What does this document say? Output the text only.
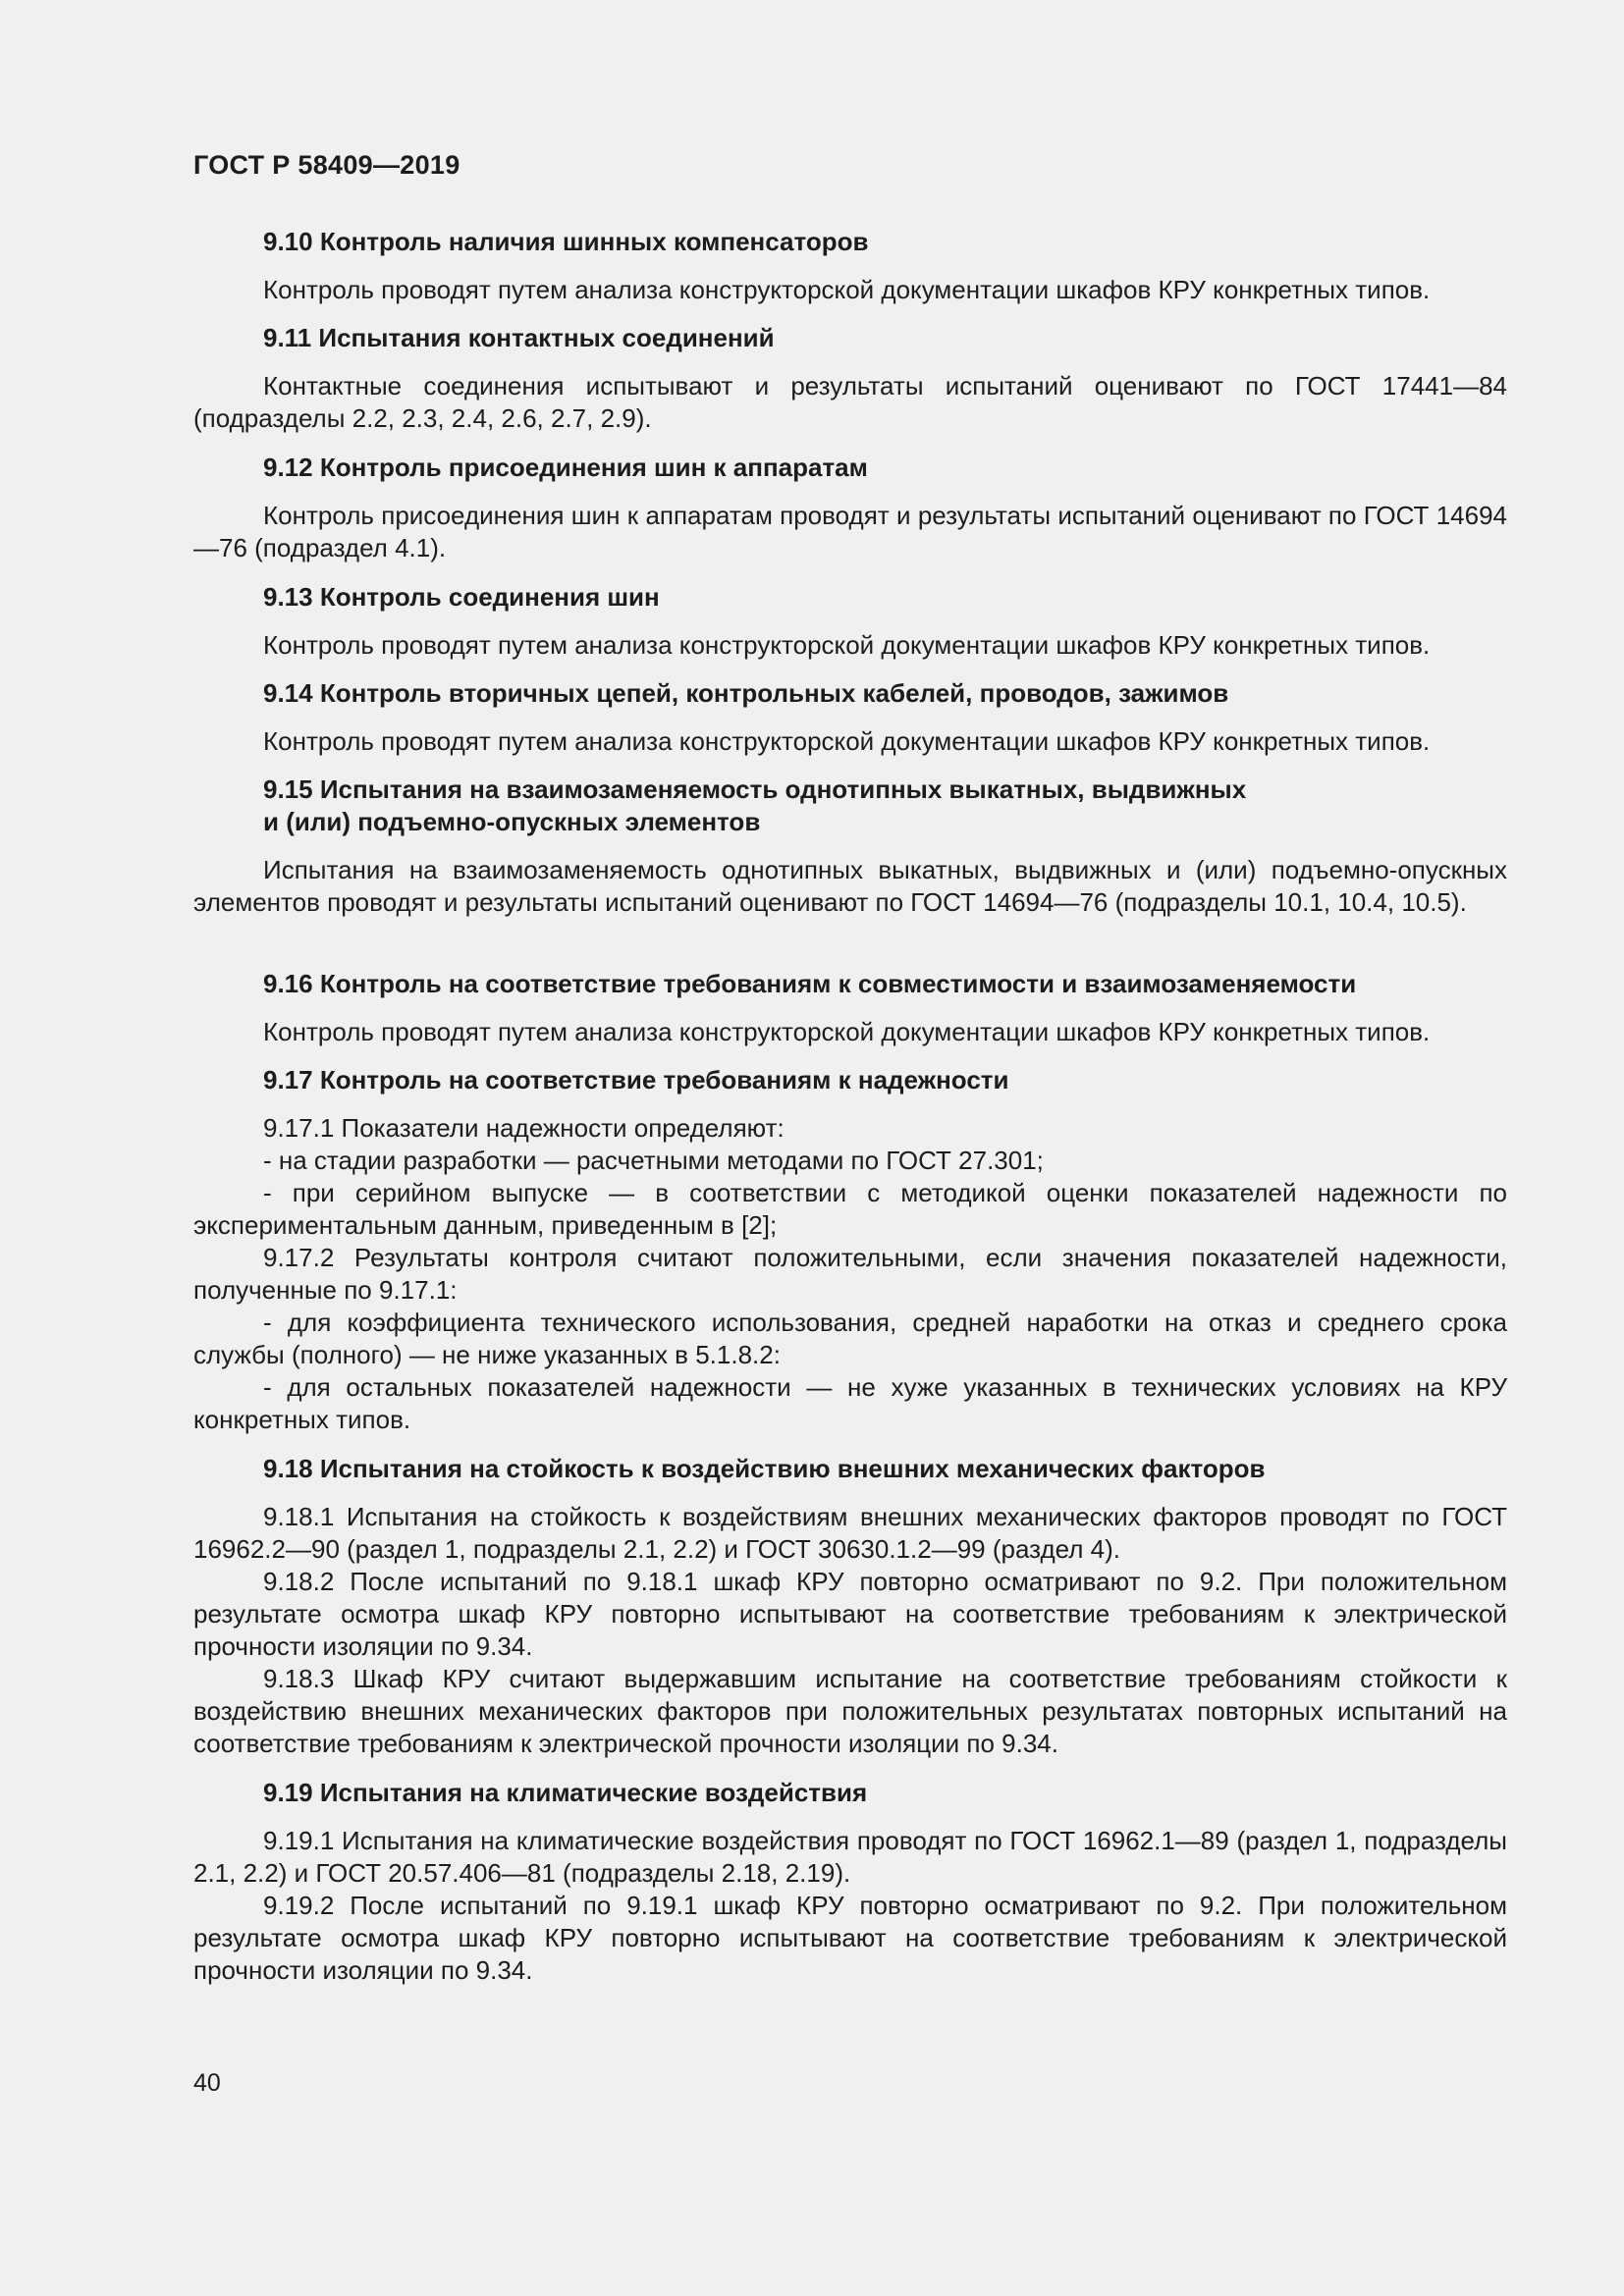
ГОСТ Р 58409—2019
9.10 Контроль наличия шинных компенсаторов
Контроль проводят путем анализа конструкторской документации шкафов КРУ конкретных типов.
9.11 Испытания контактных соединений
Контактные соединения испытывают и результаты испытаний оценивают по ГОСТ 17441—84 (подразделы 2.2, 2.3, 2.4, 2.6, 2.7, 2.9).
9.12 Контроль присоединения шин к аппаратам
Контроль присоединения шин к аппаратам проводят и результаты испытаний оценивают по ГОСТ 14694—76 (подраздел 4.1).
9.13 Контроль соединения шин
Контроль проводят путем анализа конструкторской документации шкафов КРУ конкретных типов.
9.14 Контроль вторичных цепей, контрольных кабелей, проводов, зажимов
Контроль проводят путем анализа конструкторской документации шкафов КРУ конкретных типов.
9.15 Испытания на взаимозаменяемость однотипных выкатных, выдвижных
и (или) подъемно-опускных элементов
Испытания на взаимозаменяемость однотипных выкатных, выдвижных и (или) подъемно-опускных элементов проводят и результаты испытаний оценивают по ГОСТ 14694—76 (подразделы 10.1, 10.4, 10.5).
9.16 Контроль на соответствие требованиям к совместимости и взаимозаменяемости
Контроль проводят путем анализа конструкторской документации шкафов КРУ конкретных типов.
9.17 Контроль на соответствие требованиям к надежности
9.17.1 Показатели надежности определяют:
- на стадии разработки — расчетными методами по ГОСТ 27.301;
- при серийном выпуске — в соответствии с методикой оценки показателей надежности по экспериментальным данным, приведенным в [2];
9.17.2 Результаты контроля считают положительными, если значения показателей надежности, полученные по 9.17.1:
- для коэффициента технического использования, средней наработки на отказ и среднего срока службы (полного) — не ниже указанных в 5.1.8.2:
- для остальных показателей надежности — не хуже указанных в технических условиях на КРУ конкретных типов.
9.18 Испытания на стойкость к воздействию внешних механических факторов
9.18.1 Испытания на стойкость к воздействиям внешних механических факторов проводят по ГОСТ 16962.2—90 (раздел 1, подразделы 2.1, 2.2) и ГОСТ 30630.1.2—99 (раздел 4).
9.18.2 После испытаний по 9.18.1 шкаф КРУ повторно осматривают по 9.2. При положительном результате осмотра шкаф КРУ повторно испытывают на соответствие требованиям к электрической прочности изоляции по 9.34.
9.18.3 Шкаф КРУ считают выдержавшим испытание на соответствие требованиям стойкости к воздействию внешних механических факторов при положительных результатах повторных испытаний на соответствие требованиям к электрической прочности изоляции по 9.34.
9.19 Испытания на климатические воздействия
9.19.1 Испытания на климатические воздействия проводят по ГОСТ 16962.1—89 (раздел 1, подразделы 2.1, 2.2) и ГОСТ 20.57.406—81 (подразделы 2.18, 2.19).
9.19.2 После испытаний по 9.19.1 шкаф КРУ повторно осматривают по 9.2. При положительном результате осмотра шкаф КРУ повторно испытывают на соответствие требованиям к электрической прочности изоляции по 9.34.
40
